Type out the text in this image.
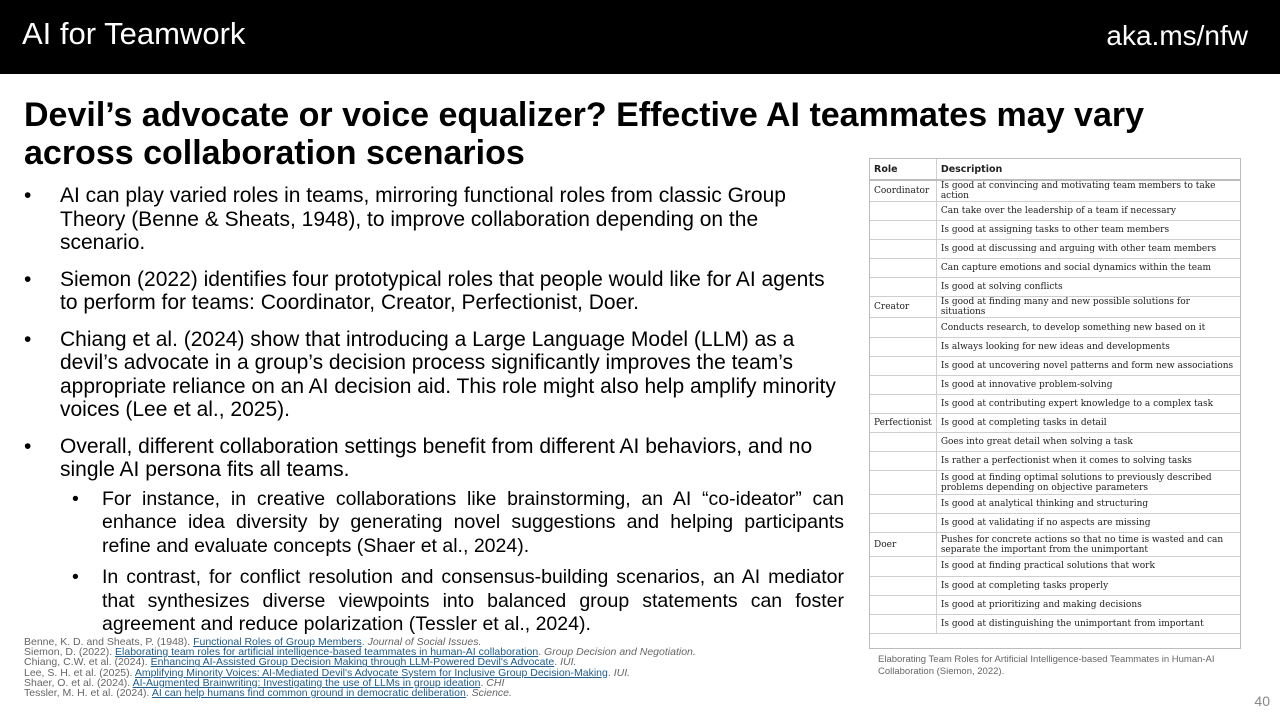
AI for Teamwork	aka.ms/nfw
Devil’s advocate or voice equalizer? Effective AI teammates may vary across collaboration scenarios
• AI can play varied roles in teams, mirroring functional roles from classic Group Theory (Benne & Sheats, 1948), to improve collaboration depending on the scenario.
• Siemon (2022) identifies four prototypical roles that people would like for AI agents to perform for teams: Coordinator, Creator, Perfectionist, Doer.
• Chiang et al. (2024) show that introducing a Large Language Model (LLM) as a devil’s advocate in a group’s decision process significantly improves the team’s appropriate reliance on an AI decision aid. This role might also help amplify minority voices (Lee et al., 2025).
• Overall, different collaboration settings benefit from different AI behaviors, and no single AI persona fits all teams.
• For instance, in creative collaborations like brainstorming, an AI “co-ideator” can enhance idea diversity by generating novel suggestions and helping participants refine and evaluate concepts (Shaer et al., 2024).
• In contrast, for conflict resolution and consensus-building scenarios, an AI mediator that synthesizes diverse viewpoints into balanced group statements can foster agreement and reduce polarization (Tessler et al., 2024).
Benne, K. D. and Sheats, P. (1948). Functional Roles of Group Members. Journal of Social Issues.
Siemon, D. (2022). Elaborating team roles for artificial intelligence-based teammates in human-AI collaboration. Group Decision and Negotiation.
Chiang, C.W. et al. (2024). Enhancing AI-Assisted Group Decision Making through LLM-Powered Devil's Advocate. IUI.
Lee, S. H. et al. (2025). Amplifying Minority Voices: AI-Mediated Devil's Advocate System for Inclusive Group Decision-Making. IUI.
Shaer, O. et al. (2024). AI-Augmented Brainwriting: Investigating the use of LLMs in group ideation. CHI
Tessler, M. H. et al. (2024). AI can help humans find common ground in democratic deliberation. Science.
Role	Description
Coordinator	Is good at convincing and motivating team members to take action
	Can take over the leadership of a team if necessary
	Is good at assigning tasks to other team members
	Is good at discussing and arguing with other team members
	Can capture emotions and social dynamics within the team
	Is good at solving conflicts
Creator	Is good at finding many and new possible solutions for situations
	Conducts research, to develop something new based on it
	Is always looking for new ideas and developments
	Is good at uncovering novel patterns and form new associations
	Is good at innovative problem-solving
	Is good at contributing expert knowledge to a complex task
Perfectionist	Is good at completing tasks in detail
	Goes into great detail when solving a task
	Is rather a perfectionist when it comes to solving tasks
	Is good at finding optimal solutions to previously described problems depending on objective parameters
	Is good at analytical thinking and structuring
	Is good at validating if no aspects are missing
Doer	Pushes for concrete actions so that no time is wasted and can separate the important from the unimportant
	Is good at finding practical solutions that work
	Is good at completing tasks properly
	Is good at prioritizing and making decisions
	Is good at distinguishing the unimportant from important
Elaborating Team Roles for Artificial Intelligence-based Teammates in Human-AI Collaboration (Siemon, 2022).
40
